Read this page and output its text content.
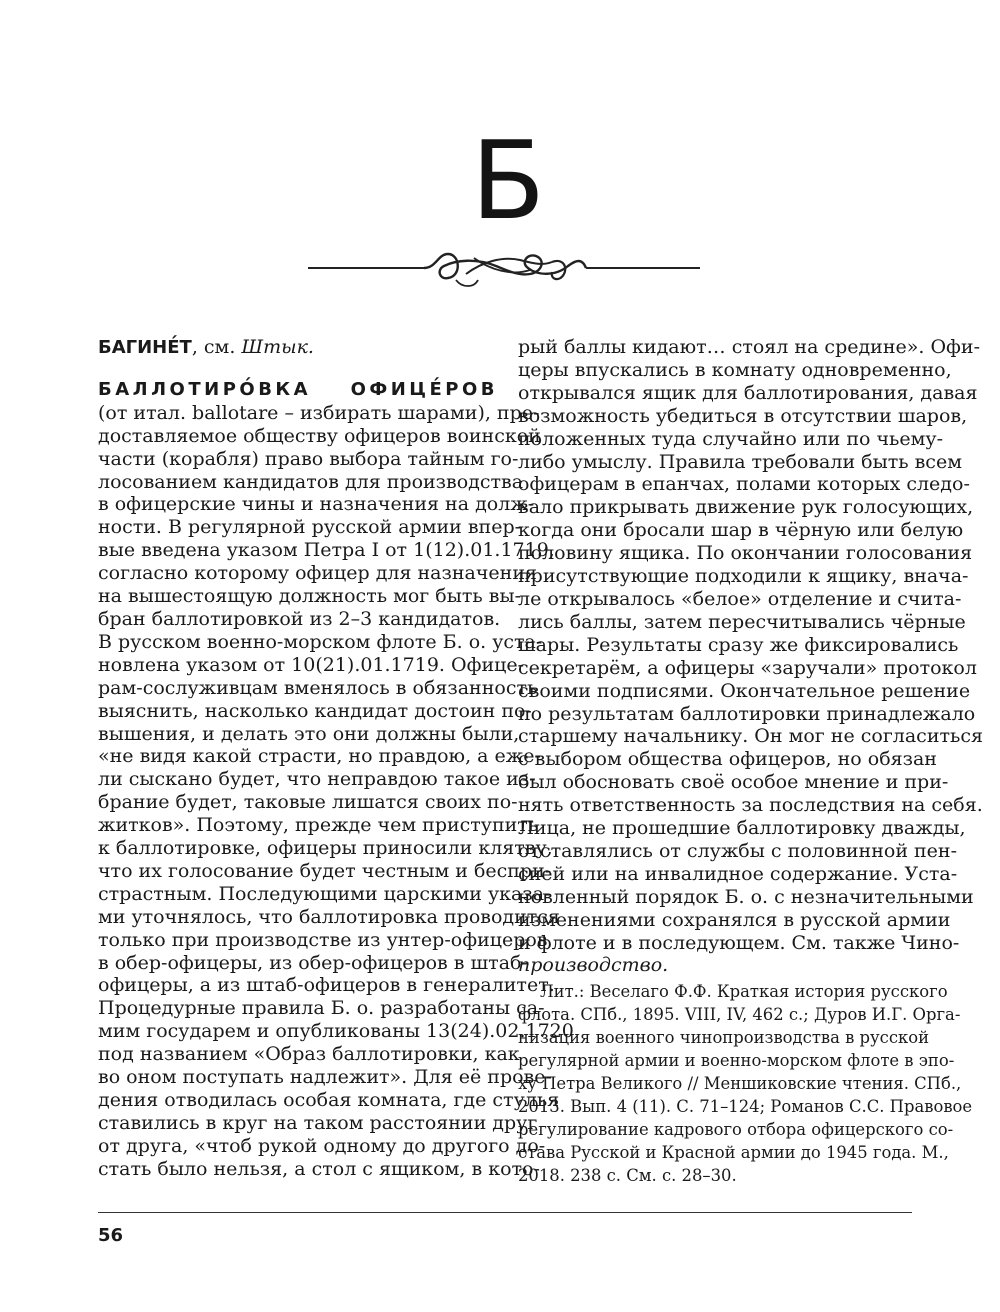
Б
БАГИНЕ́Т, см. Штык.
БАЛЛОТИРО́ВКА ОФИЦЕ́РОВ
(от итал. ballotare – избирать шарами), пре-
доставляемое обществу офицеров воинской
части (корабля) право выбора тайным го-
лосованием кандидатов для производства
в офицерские чины и назначения на долж-
ности. В регулярной русской армии впер-
вые введена указом Петра I от 1(12).01.1719,
согласно которому офицер для назначения
на вышестоящую должность мог быть вы-
бран баллотировкой из 2–3 кандидатов.
В русском военно-морском флоте Б. о. уста-
новлена указом от 10(21).01.1719. Офице-
рам-сослуживцам вменялось в обязанность
выяснить, насколько кандидат достоин по-
вышения, и делать это они должны были,
«не видя какой страсти, но правдою, а еже-
ли сыскано будет, что неправдою такое из-
брание будет, таковые лишатся своих по-
житков». Поэтому, прежде чем приступить
к баллотировке, офицеры приносили клятву,
что их голосование будет честным и беспри-
страстным. Последующими царскими указа-
ми уточнялось, что баллотировка проводится
только при производстве из унтер-офицеров
в обер-офицеры, из обер-офицеров в штаб-
офицеры, а из штаб-офицеров в генералитет.
Процедурные правила Б. о. разработаны са-
мим государем и опубликованы 13(24).02.1720
под названием «Образ баллотировки, как
во оном поступать надлежит». Для её прове-
дения отводилась особая комната, где стулья
ставились в круг на таком расстоянии друг
от друга, «чтоб рукой одному до другого до-
стать было нельзя, а стол с ящиком, в кото-
рый баллы кидают… стоял на средине». Офи-
церы впускались в комнату одновременно,
открывался ящик для баллотирования, давая
возможность убедиться в отсутствии шаров,
положенных туда случайно или по чьему-
либо умыслу. Правила требовали быть всем
офицерам в епанчах, полами которых следо-
вало прикрывать движение рук голосующих,
когда они бросали шар в чёрную или белую
половину ящика. По окончании голосования
присутствующие подходили к ящику, внача-
ле открывалось «белое» отделение и счита-
лись баллы, затем пересчитывались чёрные
шары. Результаты сразу же фиксировались
секретарём, а офицеры «заручали» протокол
своими подписями. Окончательное решение
по результатам баллотировки принадлежало
старшему начальнику. Он мог не согласиться
с выбором общества офицеров, но обязан
был обосновать своё особое мнение и при-
нять ответственность за последствия на себя.
Лица, не прошедшие баллотировку дважды,
отставлялись от службы с половинной пен-
сией или на инвалидное содержание. Уста-
новленный порядок Б. о. с незначительными
изменениями сохранялся в русской армии
и флоте и в последующем. См. также Чино-
производство.
Лит.: Веселаго Ф.Ф. Краткая история русского
флота. СПб., 1895. VIII, IV, 462 с.; Дуров И.Г. Орга-
низация военного чинопроизводства в русской
регулярной армии и военно-морском флоте в эпо-
ху Петра Великого // Меншиковские чтения. СПб.,
2013. Вып. 4 (11). С. 71–124; Романов С.С. Правовое
регулирование кадрового отбора офицерского со-
става Русской и Красной армии до 1945 года. М.,
2018. 238 с. См. с. 28–30.
56
